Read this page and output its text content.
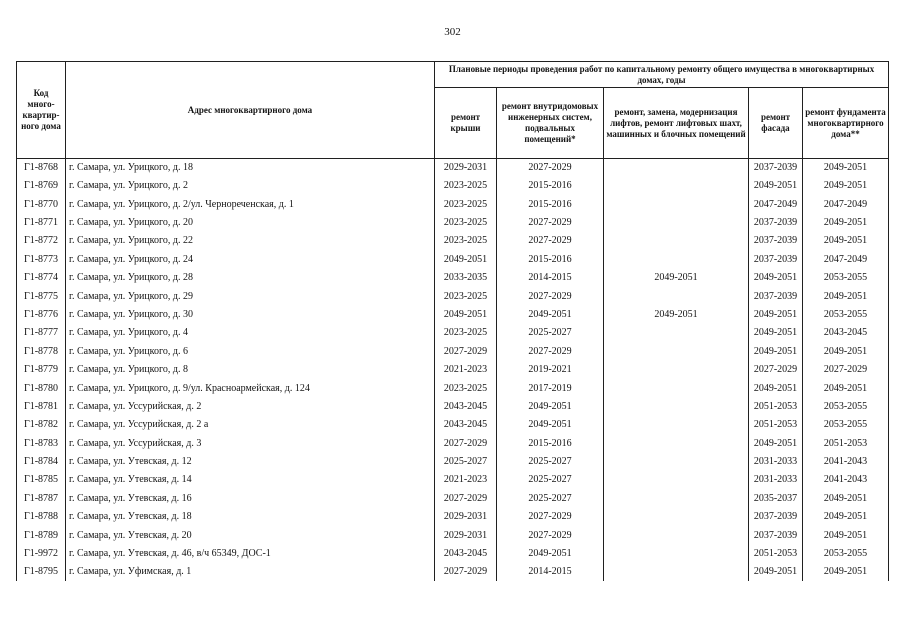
302
Код много-квартир-ного дома	Адрес многоквартирного дома	Плановые периоды проведения работ по капитальному ремонту общего имущества в многоквартирных домах, годы				
		ремонт крыши	ремонт внутридомовых инженерных систем, подвальных помещений*	ремонт, замена, модернизация лифтов, ремонт лифтовых шахт, машинных и блочных помещений	ремонт фасада	ремонт фундамента многоквартирного дома**
Г1-8768	г. Самара, ул. Урицкого, д. 18	2029-2031	2027-2029		2037-2039	2049-2051
Г1-8769	г. Самара, ул. Урицкого, д. 2	2023-2025	2015-2016		2049-2051	2049-2051
Г1-8770	г. Самара, ул. Урицкого, д. 2/ул. Чернореченская, д. 1	2023-2025	2015-2016		2047-2049	2047-2049
Г1-8771	г. Самара, ул. Урицкого, д. 20	2023-2025	2027-2029		2037-2039	2049-2051
Г1-8772	г. Самара, ул. Урицкого, д. 22	2023-2025	2027-2029		2037-2039	2049-2051
Г1-8773	г. Самара, ул. Урицкого, д. 24	2049-2051	2015-2016		2037-2039	2047-2049
Г1-8774	г. Самара, ул. Урицкого, д. 28	2033-2035	2014-2015	2049-2051	2049-2051	2053-2055
Г1-8775	г. Самара, ул. Урицкого, д. 29	2023-2025	2027-2029		2037-2039	2049-2051
Г1-8776	г. Самара, ул. Урицкого, д. 30	2049-2051	2049-2051	2049-2051	2049-2051	2053-2055
Г1-8777	г. Самара, ул. Урицкого, д. 4	2023-2025	2025-2027		2049-2051	2043-2045
Г1-8778	г. Самара, ул. Урицкого, д. 6	2027-2029	2027-2029		2049-2051	2049-2051
Г1-8779	г. Самара, ул. Урицкого, д. 8	2021-2023	2019-2021		2027-2029	2027-2029
Г1-8780	г. Самара, ул. Урицкого, д. 9/ул. Красноармейская, д. 124	2023-2025	2017-2019		2049-2051	2049-2051
Г1-8781	г. Самара, ул. Уссурийская, д. 2	2043-2045	2049-2051		2051-2053	2053-2055
Г1-8782	г. Самара, ул. Уссурийская, д. 2 а	2043-2045	2049-2051		2051-2053	2053-2055
Г1-8783	г. Самара, ул. Уссурийская, д. 3	2027-2029	2015-2016		2049-2051	2051-2053
Г1-8784	г. Самара, ул. Утевская, д. 12	2025-2027	2025-2027		2031-2033	2041-2043
Г1-8785	г. Самара, ул. Утевская, д. 14	2021-2023	2025-2027		2031-2033	2041-2043
Г1-8787	г. Самара, ул. Утевская, д. 16	2027-2029	2025-2027		2035-2037	2049-2051
Г1-8788	г. Самара, ул. Утевская, д. 18	2029-2031	2027-2029		2037-2039	2049-2051
Г1-8789	г. Самара, ул. Утевская, д. 20	2029-2031	2027-2029		2037-2039	2049-2051
Г1-9972	г. Самара, ул. Утевская, д. 46, в/ч 65349, ДОС-1	2043-2045	2049-2051		2051-2053	2053-2055
Г1-8795	г. Самара, ул. Уфимская, д. 1	2027-2029	2014-2015		2049-2051	2049-2051
